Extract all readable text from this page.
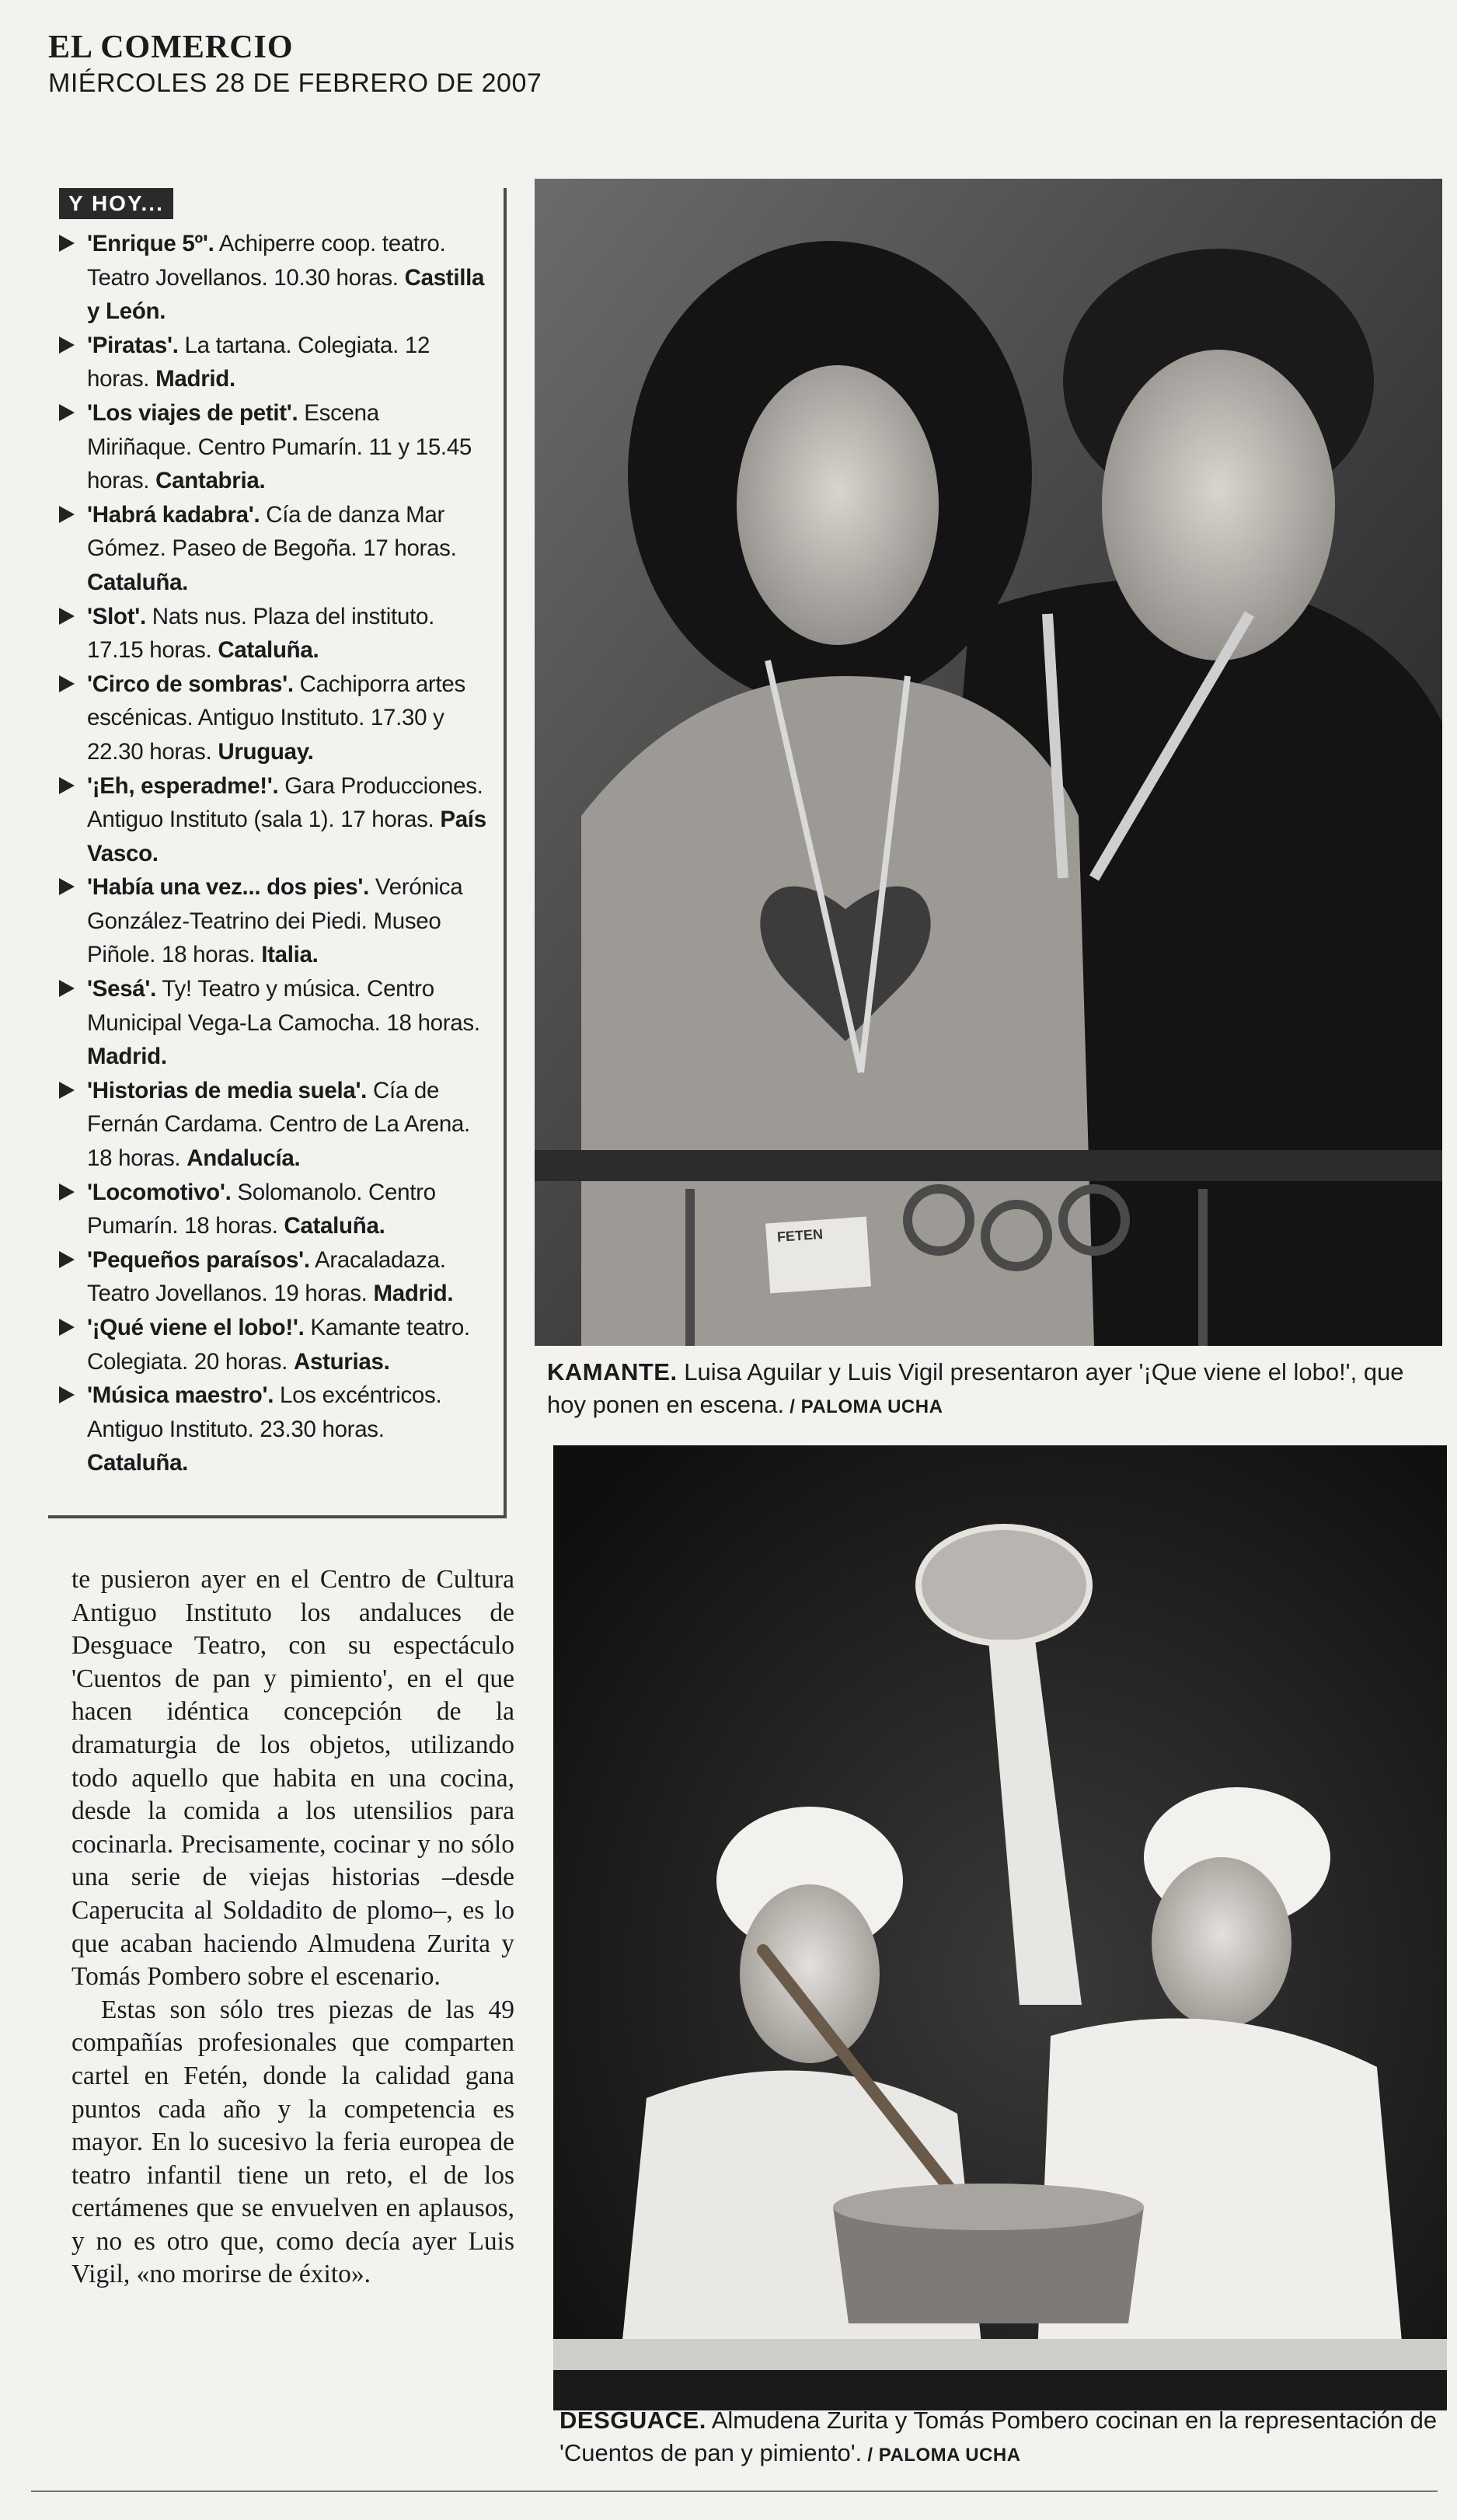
EL COMERCIO
MIÉRCOLES 28 DE FEBRERO DE 2007
Y HOY...
'Enrique 5º'. Achiperre coop. teatro. Teatro Jovellanos. 10.30 horas. Castilla y León.
'Piratas'. La tartana. Colegiata. 12 horas. Madrid.
'Los viajes de petit'. Escena Miriñaque. Centro Pumarín. 11 y 15.45 horas. Cantabria.
'Habrá kadabra'. Cía de danza Mar Gómez. Paseo de Begoña. 17 horas. Cataluña.
'Slot'. Nats nus. Plaza del instituto. 17.15 horas. Cataluña.
'Circo de sombras'. Cachiporra artes escénicas. Antiguo Instituto. 17.30 y 22.30 horas. Uruguay.
'¡Eh, esperadme!'. Gara Producciones. Antiguo Instituto (sala 1). 17 horas. País Vasco.
'Había una vez... dos pies'. Verónica González-Teatrino dei Piedi. Museo Piñole. 18 horas. Italia.
'Sesá'. Ty! Teatro y música. Centro Municipal Vega-La Camocha. 18 horas. Madrid.
'Historias de media suela'. Cía de Fernán Cardama. Centro de La Arena. 18 horas. Andalucía.
'Locomotivo'. Solomanolo. Centro Pumarín. 18 horas. Cataluña.
'Pequeños paraísos'. Aracaladaza. Teatro Jovellanos. 19 horas. Madrid.
'¡Qué viene el lobo!'. Kamante teatro. Colegiata. 20 horas. Asturias.
'Música maestro'. Los excéntricos. Antiguo Instituto. 23.30 horas. Cataluña.

te pusieron ayer en el Centro de Cultura Antiguo Instituto los andaluces de Desguace Teatro, con su espectáculo 'Cuentos de pan y pimiento', en el que hacen idéntica concepción de la dramaturgia de los objetos, utilizando todo aquello que habita en una cocina, desde la comida a los utensilios para cocinarla. Precisamente, cocinar y no sólo una serie de viejas historias –desde Caperucita al Soldadito de plomo–, es lo que acaban haciendo Almudena Zurita y Tomás Pombero sobre el escenario.

Estas son sólo tres piezas de las 49 compañías profesionales que comparten cartel en Fetén, donde la calidad gana puntos cada año y la competencia es mayor. En lo sucesivo la feria europea de teatro infantil tiene un reto, el de los certámenes que se envuelven en aplausos, y no es otro que, como decía ayer Luis Vigil, «no morirse de éxito».

FETEN
KAMANTE. Luisa Aguilar y Luis Vigil presentaron ayer '¡Que viene el lobo!', que hoy ponen en escena. / PALOMA UCHA
DESGUACE. Almudena Zurita y Tomás Pombero cocinan en la representación de 'Cuentos de pan y pimiento'. / PALOMA UCHA
